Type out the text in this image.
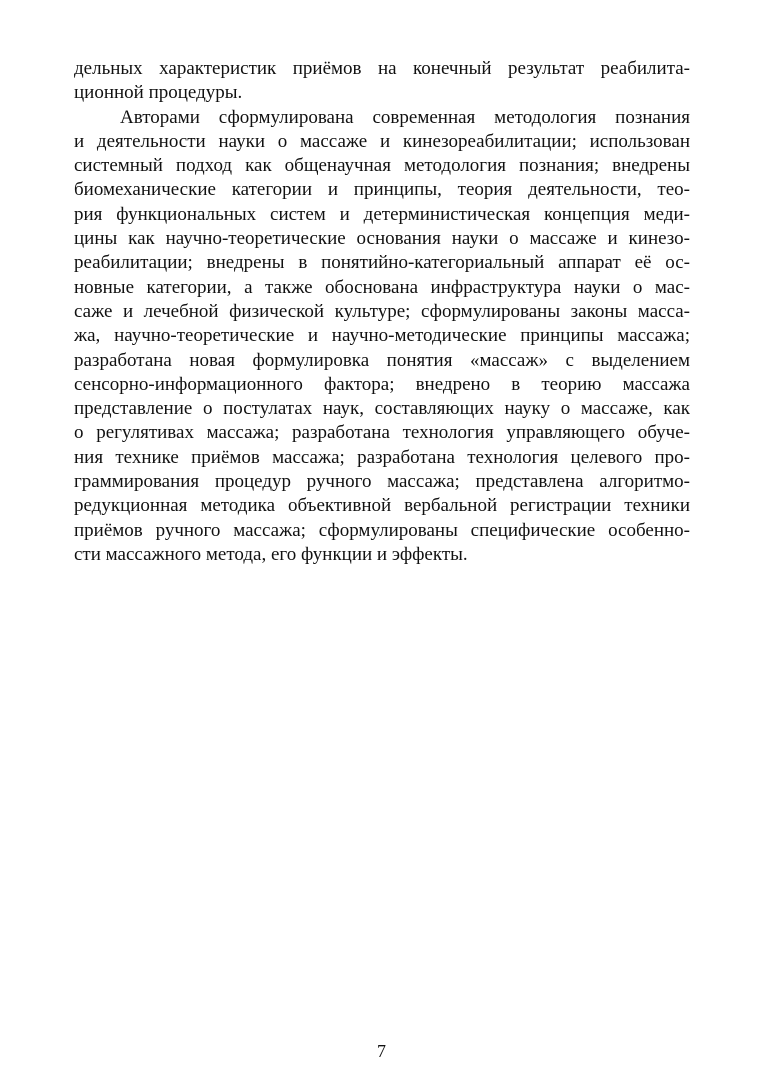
дельных характеристик приёмов на конечный результат реабилита-
ционной процедуры.
Авторами сформулирована современная методология познания
и деятельности науки о массаже и кинезореабилитации; использован
системный подход как общенаучная методология познания; внедрены
биомеханические категории и принципы, теория деятельности, тео-
рия функциональных систем и детерминистическая концепция меди-
цины как научно-теоретические основания науки о массаже и кинезо-
реабилитации; внедрены в понятийно-категориальный аппарат её ос-
новные категории, а также обоснована инфраструктура науки о мас-
саже и лечебной физической культуре; сформулированы законы масса-
жа, научно-теоретические и научно-методические принципы массажа;
разработана новая формулировка понятия «массаж» с выделением
сенсорно-информационного фактора; внедрено в теорию массажа
представление о постулатах наук, составляющих науку о массаже, как
о регулятивах массажа; разработана технология управляющего обуче-
ния технике приёмов массажа; разработана технология целевого про-
граммирования процедур ручного массажа; представлена алгоритмо-
редукционная методика объективной вербальной регистрации техники
приёмов ручного массажа; сформулированы специфические особенно-
сти массажного метода, его функции и эффекты.
7
